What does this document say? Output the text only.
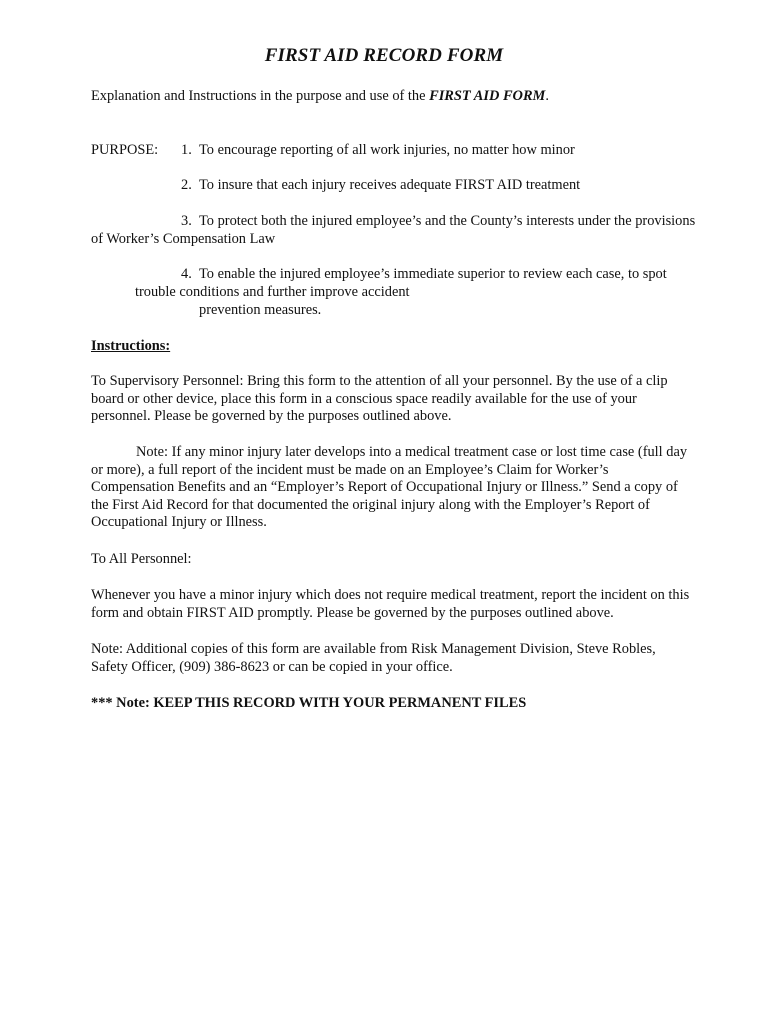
FIRST AID RECORD FORM
Explanation and Instructions in the purpose and use of the FIRST AID FORM.
PURPOSE: 1. To encourage reporting of all work injuries, no matter how minor
2. To insure that each injury receives adequate FIRST AID treatment
3. To protect both the injured employee’s and the County’s interests under the provisions
of Worker’s Compensation Law
4. To enable the injured employee’s immediate superior to review each case, to spot
trouble conditions and further improve accident
prevention measures.
Instructions:
To Supervisory Personnel: Bring this form to the attention of all your personnel. By the use of a clip
board or other device, place this form in a conscious space readily available for the use of your
personnel. Please be governed by the purposes outlined above.
Note: If any minor injury later develops into a medical treatment case or lost time case (full day
or more), a full report of the incident must be made on an Employee’s Claim for Worker’s
Compensation Benefits and an “Employer’s Report of Occupational Injury or Illness.” Send a copy of
the First Aid Record for that documented the original injury along with the Employer’s Report of
Occupational Injury or Illness.
To All Personnel:
Whenever you have a minor injury which does not require medical treatment, report the incident on this
form and obtain FIRST AID promptly. Please be governed by the purposes outlined above.
Note: Additional copies of this form are available from Risk Management Division, Steve Robles,
Safety Officer, (909) 386-8623 or can be copied in your office.
*** Note: KEEP THIS RECORD WITH YOUR PERMANENT FILES
